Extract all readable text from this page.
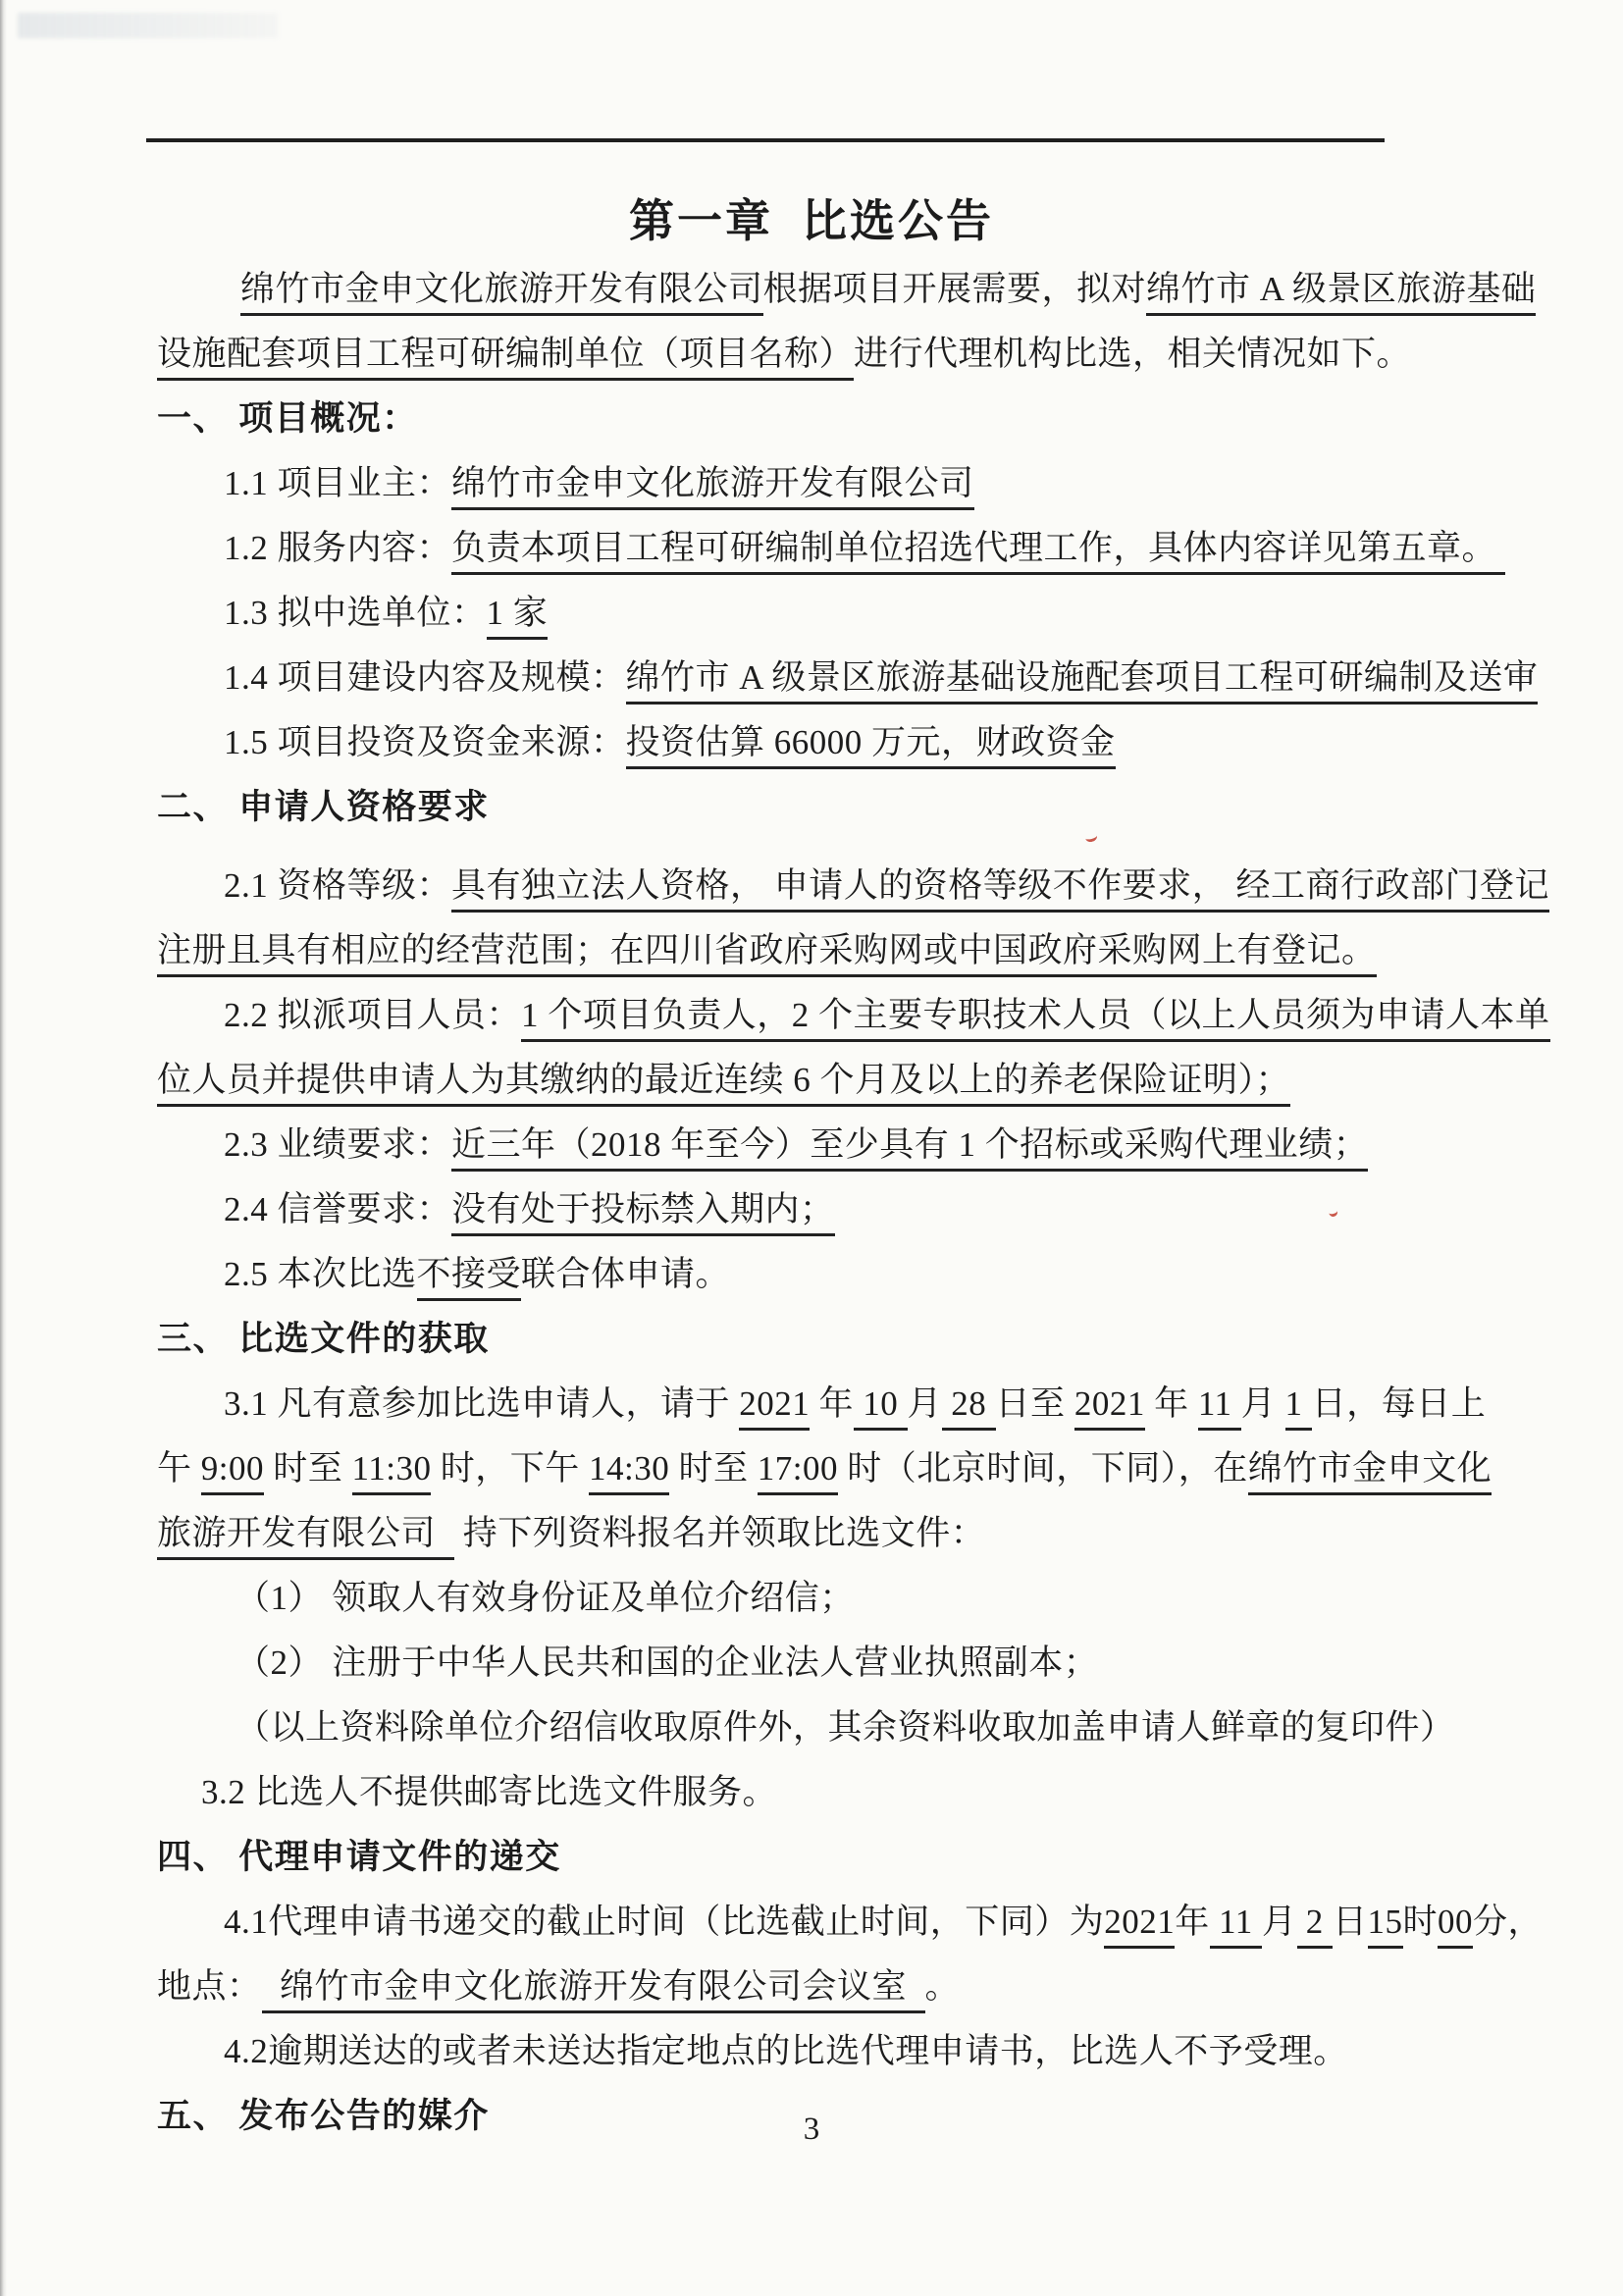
第一章  比选公告

绵竹市金申文化旅游开发有限公司根据项目开展需要，拟对绵竹市 A 级景区旅游基础

设施配套项目工程可研编制单位（项目名称）进行代理机构比选，相关情况如下。

一、 项目概况：

1.1 项目业主：绵竹市金申文化旅游开发有限公司

1.2 服务内容：负责本项目工程可研编制单位招选代理工作，具体内容详见第五章。

1.3 拟中选单位：1 家

1.4 项目建设内容及规模：绵竹市 A 级景区旅游基础设施配套项目工程可研编制及送审

1.5 项目投资及资金来源：投资估算 66000 万元，财政资金

二、 申请人资格要求

2.1 资格等级：具有独立法人资格， 申请人的资格等级不作要求， 经工商行政部门登记

注册且具有相应的经营范围；在四川省政府采购网或中国政府采购网上有登记。

2.2 拟派项目人员：1 个项目负责人，2 个主要专职技术人员（以上人员须为申请人本单

位人员并提供申请人为其缴纳的最近连续 6 个月及以上的养老保险证明）；

2.3 业绩要求：近三年（2018 年至今）至少具有 1 个招标或采购代理业绩；

2.4 信誉要求：没有处于投标禁入期内；

2.5 本次比选不接受联合体申请。

三、 比选文件的获取

3.1 凡有意参加比选申请人，请于 2021 年 10 月 28 日至 2021 年 11 月 1 日，每日上

午 9:00 时至 11:30 时，下午 14:30 时至 17:00 时（北京时间，下同），在绵竹市金申文化

旅游开发有限公司   持下列资料报名并领取比选文件：

（1） 领取人有效身份证及单位介绍信；

（2） 注册于中华人民共和国的企业法人营业执照副本；

（以上资料除单位介绍信收取原件外，其余资料收取加盖申请人鲜章的复印件）

3.2 比选人不提供邮寄比选文件服务。

四、 代理申请文件的递交

4.1代理申请书递交的截止时间（比选截止时间，下同）为2021年 11 月 2 日15时00分，

地点：  绵竹市金申文化旅游开发有限公司会议室  。

4.2逾期送达的或者未送达指定地点的比选代理申请书，比选人不予受理。

五、 发布公告的媒介	3
